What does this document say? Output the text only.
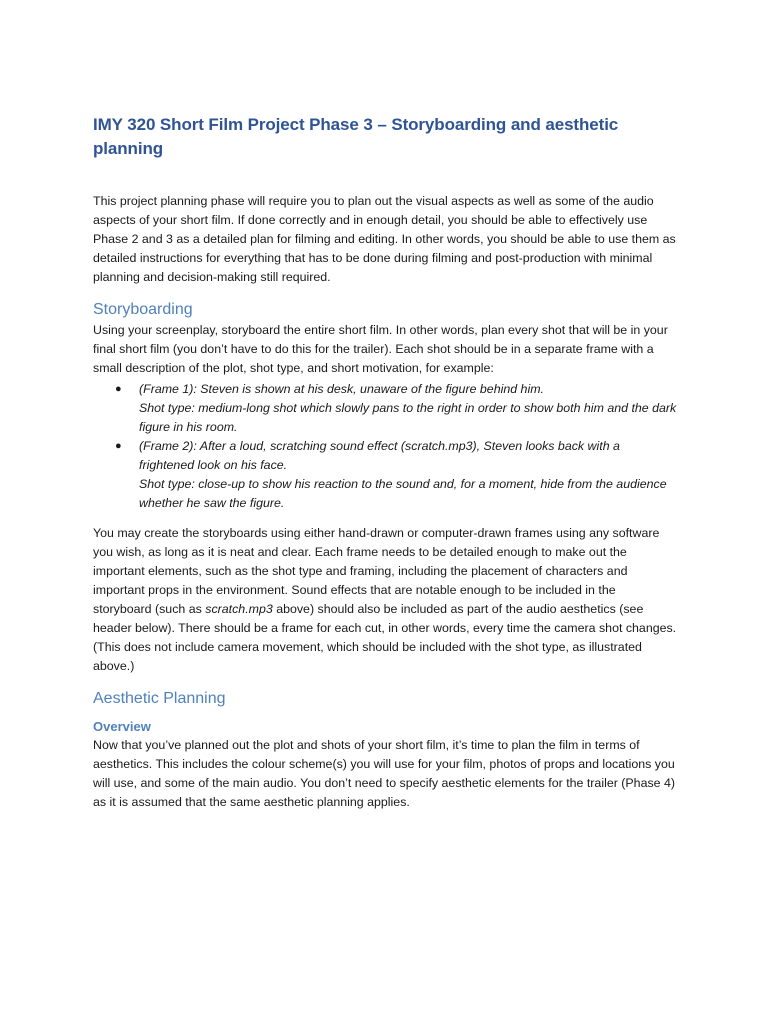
IMY 320 Short Film Project Phase 3 – Storyboarding and aesthetic planning

This project planning phase will require you to plan out the visual aspects as well as some of the audio aspects of your short film. If done correctly and in enough detail, you should be able to effectively use Phase 2 and 3 as a detailed plan for filming and editing. In other words, you should be able to use them as detailed instructions for everything that has to be done during filming and post-production with minimal planning and decision-making still required.

Storyboarding

Using your screenplay, storyboard the entire short film. In other words, plan every shot that will be in your final short film (you don’t have to do this for the trailer). Each shot should be in a separate frame with a small description of the plot, shot type, and short motivation, for example:

● (Frame 1): Steven is shown at his desk, unaware of the figure behind him.
Shot type: medium-long shot which slowly pans to the right in order to show both him and the dark figure in his room.
● (Frame 2): After a loud, scratching sound effect (scratch.mp3), Steven looks back with a frightened look on his face.
Shot type: close-up to show his reaction to the sound and, for a moment, hide from the audience whether he saw the figure.

You may create the storyboards using either hand-drawn or computer-drawn frames using any software you wish, as long as it is neat and clear. Each frame needs to be detailed enough to make out the important elements, such as the shot type and framing, including the placement of characters and important props in the environment. Sound effects that are notable enough to be included in the storyboard (such as scratch.mp3 above) should also be included as part of the audio aesthetics (see header below). There should be a frame for each cut, in other words, every time the camera shot changes. (This does not include camera movement, which should be included with the shot type, as illustrated above.)

Aesthetic Planning
Overview

Now that you’ve planned out the plot and shots of your short film, it’s time to plan the film in terms of aesthetics. This includes the colour scheme(s) you will use for your film, photos of props and locations you will use, and some of the main audio. You don’t need to specify aesthetic elements for the trailer (Phase 4) as it is assumed that the same aesthetic planning applies.
